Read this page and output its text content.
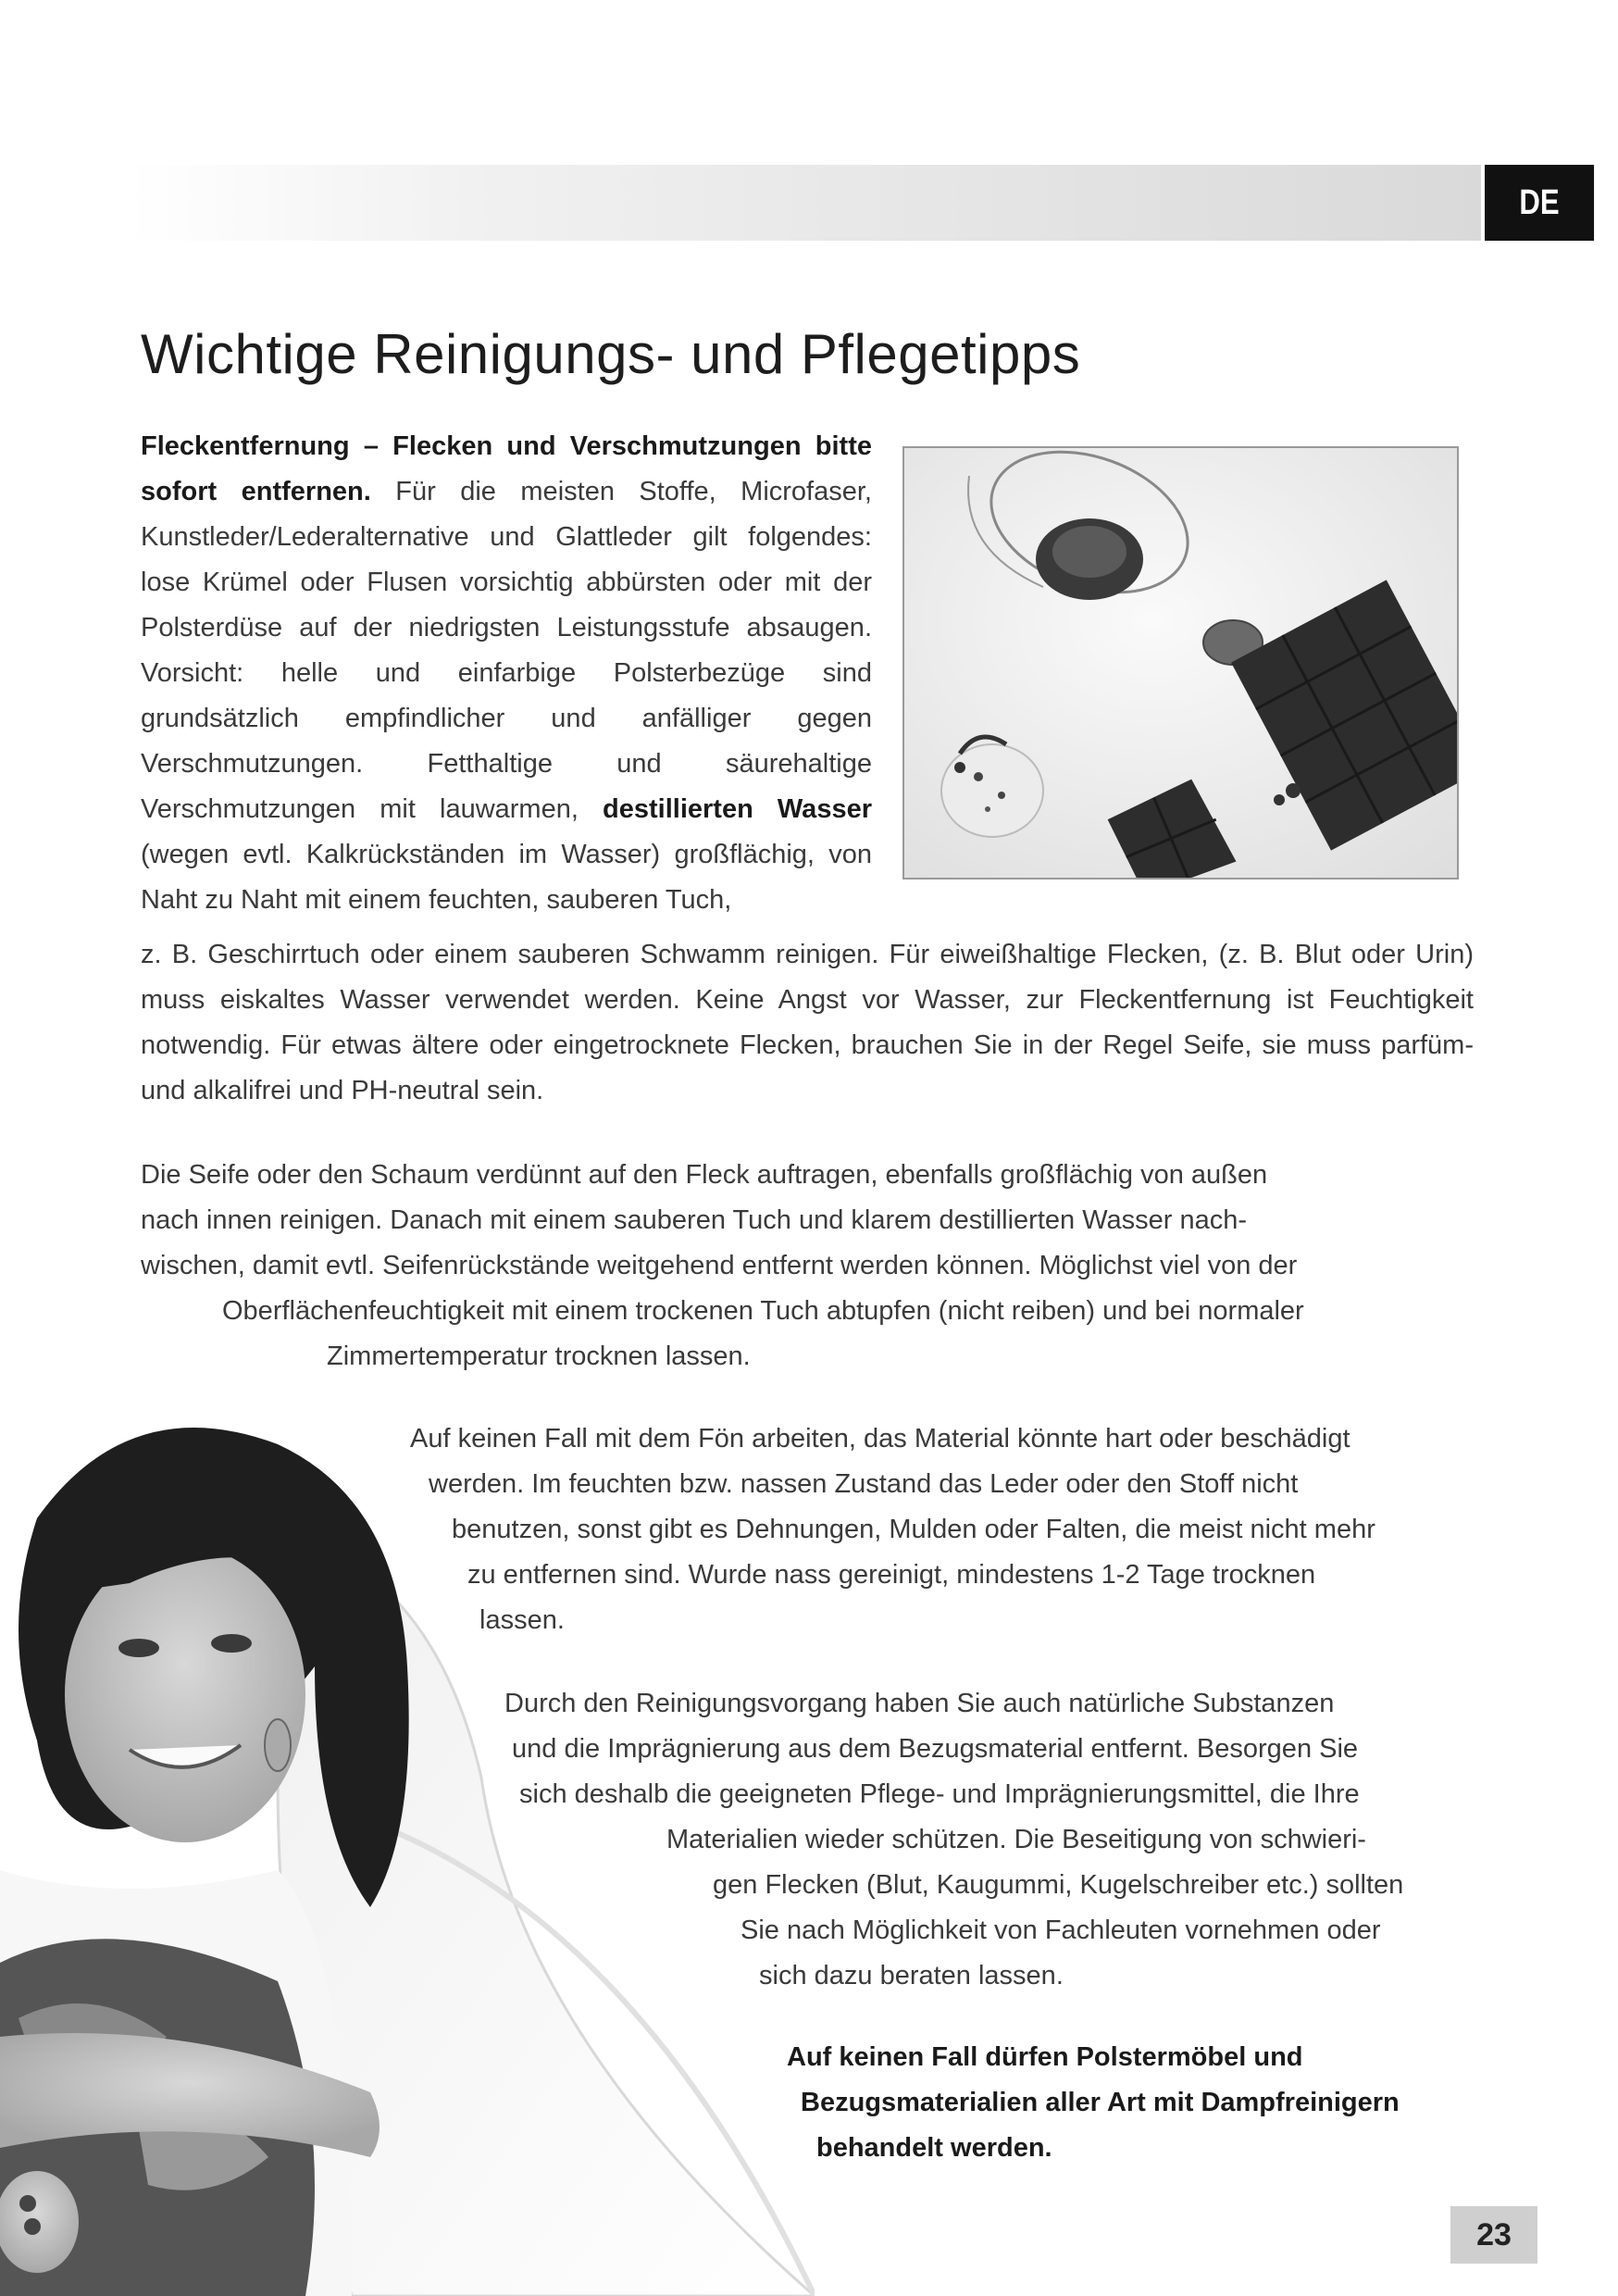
DE
Wichtige Reinigungs- und Pflegetipps

Fleckentfernung – Flecken und Verschmutzungen bitte sofort entfernen. Für die meisten Stoffe, Microfaser, Kunstleder/Lederalternative und Glattleder gilt folgendes: lose Krümel oder Flusen vorsichtig abbürsten oder mit der Polsterdüse auf der niedrigsten Leistungsstufe absaugen. Vorsicht: helle und einfarbige Polsterbezüge sind grundsätzlich empfindlicher und anfälliger gegen Verschmutzungen. Fetthaltige und säurehaltige Verschmutzungen mit lauwarmen, destillierten Wasser (wegen evtl. Kalkrückständen im Wasser) großflächig, von Naht zu Naht mit einem feuchten, sauberen Tuch,

z. B. Geschirrtuch oder einem sauberen Schwamm reinigen. Für eiweißhaltige Flecken, (z. B. Blut oder Urin) muss eiskaltes Wasser verwendet werden. Keine Angst vor Wasser, zur Fleckentfernung ist Feuchtigkeit notwendig. Für etwas ältere oder eingetrocknete Flecken, brauchen Sie in der Regel Seife, sie muss parfüm- und alkalifrei und PH-neutral sein.

Die Seife oder den Schaum verdünnt auf den Fleck auftragen, ebenfalls großflächig von außen

nach innen reinigen. Danach mit einem sauberen Tuch und klarem destillierten Wasser nach-

wischen, damit evtl. Seifenrückstände weitgehend entfernt werden können. Möglichst viel von der

Oberflächenfeuchtigkeit mit einem trockenen Tuch abtupfen (nicht reiben) und bei normaler

Zimmertemperatur trocknen lassen.

Auf keinen Fall mit dem Fön arbeiten, das Material könnte hart oder beschädigt

werden. Im feuchten bzw. nassen Zustand das Leder oder den Stoff nicht

benutzen, sonst gibt es Dehnungen, Mulden oder Falten, die meist nicht mehr

zu entfernen sind. Wurde nass gereinigt, mindestens 1-2 Tage trocknen

lassen.

Durch den Reinigungsvorgang haben Sie auch natürliche Substanzen

und die Imprägnierung aus dem Bezugsmaterial entfernt. Besorgen Sie

sich deshalb die geeigneten Pflege- und Imprägnierungsmittel, die Ihre

Materialien wieder schützen. Die Beseitigung von schwieri-

gen Flecken (Blut, Kaugummi, Kugelschreiber etc.) sollten

Sie nach Möglichkeit von Fachleuten vornehmen oder

sich dazu beraten lassen.

Auf keinen Fall dürfen Polstermöbel und

Bezugsmaterialien aller Art mit Dampfreinigern

behandelt werden.

23
